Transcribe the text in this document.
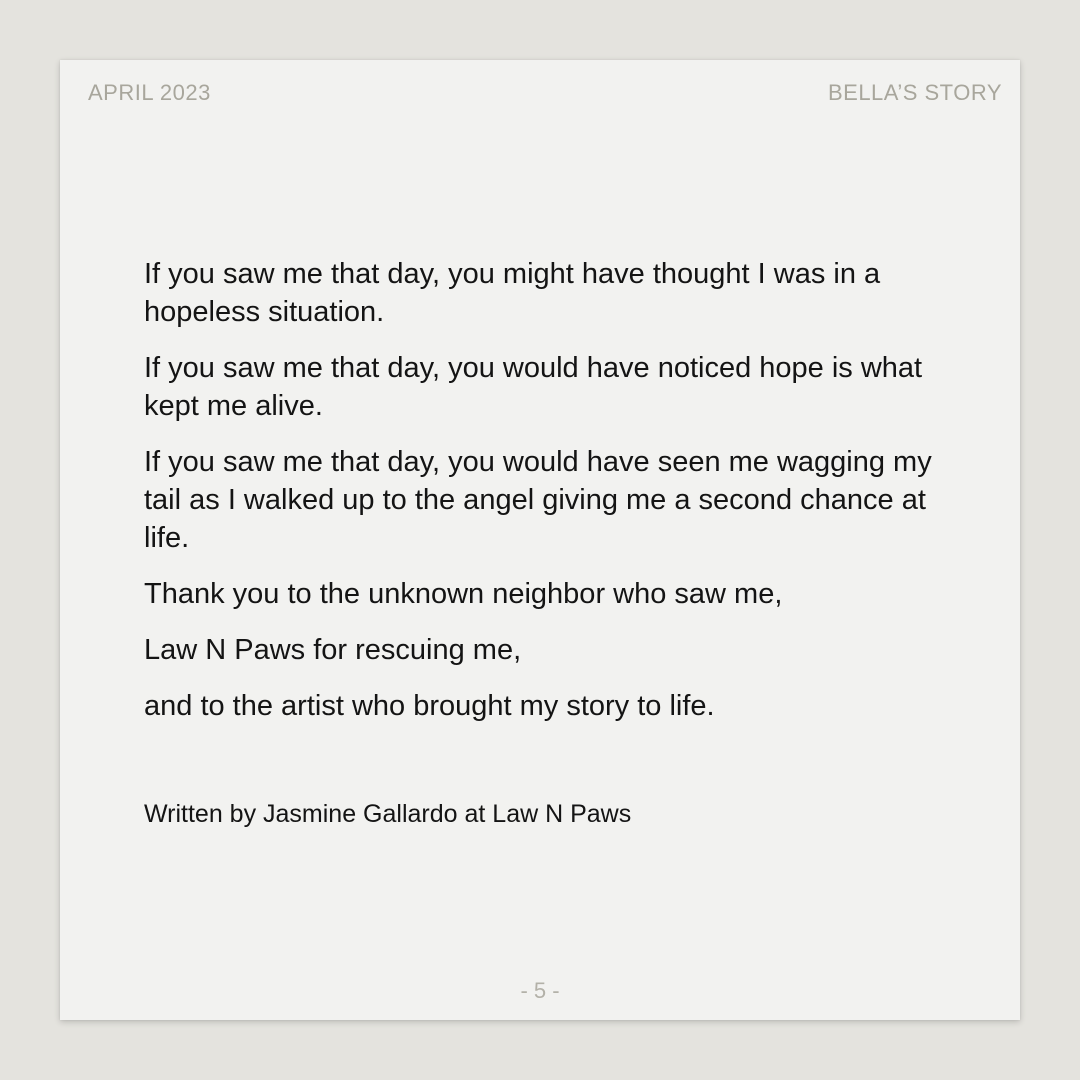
APRIL 2023	BELLA’S STORY

If you saw me that day, you might have thought I was in a hopeless situation.

If you saw me that day, you would have noticed hope is what kept me alive.

If you saw me that day, you would have seen me wagging my tail as I walked up to the angel giving me a second chance at life.

Thank you to the unknown neighbor who saw me,

Law N Paws for rescuing me,

and to the artist who brought my story to life.

Written by Jasmine Gallardo at Law N Paws
- 5 -
